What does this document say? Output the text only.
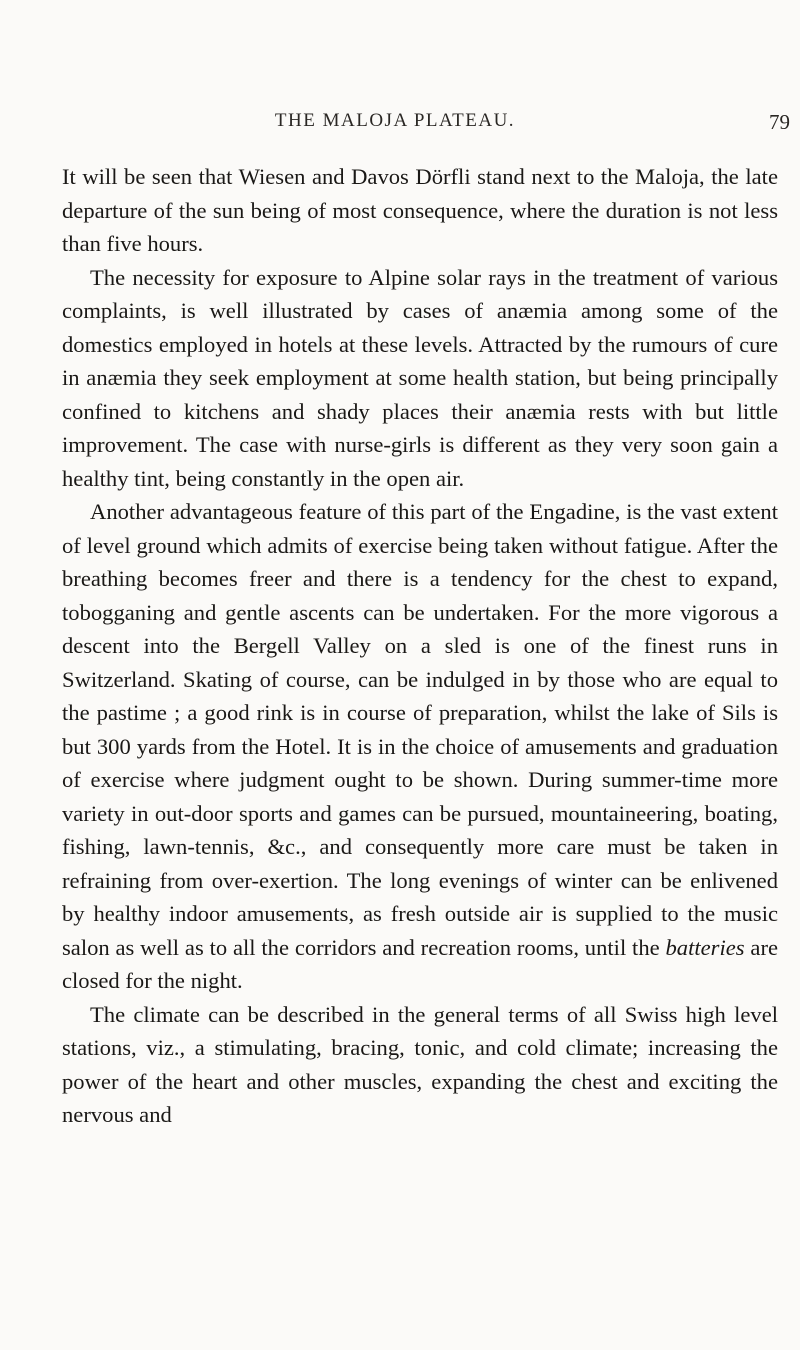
THE MALOJA PLATEAU.	79

It will be seen that Wiesen and Davos Dörfli stand next to the Maloja, the late departure of the sun being of most consequence, where the duration is not less than five hours.

The necessity for exposure to Alpine solar rays in the treatment of various complaints, is well illustrated by cases of anæmia among some of the domestics employed in hotels at these levels. Attracted by the rumours of cure in anæmia they seek employment at some health station, but being principally confined to kitchens and shady places their anæmia rests with but little improvement. The case with nurse-girls is different as they very soon gain a healthy tint, being constantly in the open air.

Another advantageous feature of this part of the Engadine, is the vast extent of level ground which admits of exercise being taken without fatigue. After the breathing becomes freer and there is a tendency for the chest to expand, tobogganing and gentle ascents can be undertaken. For the more vigorous a descent into the Bergell Valley on a sled is one of the finest runs in Switzerland. Skating of course, can be indulged in by those who are equal to the pastime ; a good rink is in course of preparation, whilst the lake of Sils is but 300 yards from the Hotel. It is in the choice of amusements and graduation of exercise where judgment ought to be shown. During summer-time more variety in out-door sports and games can be pursued, mountaineering, boating, fishing, lawn-tennis, &c., and consequently more care must be taken in refraining from over-exertion. The long evenings of winter can be enlivened by healthy indoor amusements, as fresh outside air is supplied to the music salon as well as to all the corridors and recreation rooms, until the batteries are closed for the night.

The climate can be described in the general terms of all Swiss high level stations, viz., a stimulating, bracing, tonic, and cold climate; increasing the power of the heart and other muscles, expanding the chest and exciting the nervous and
